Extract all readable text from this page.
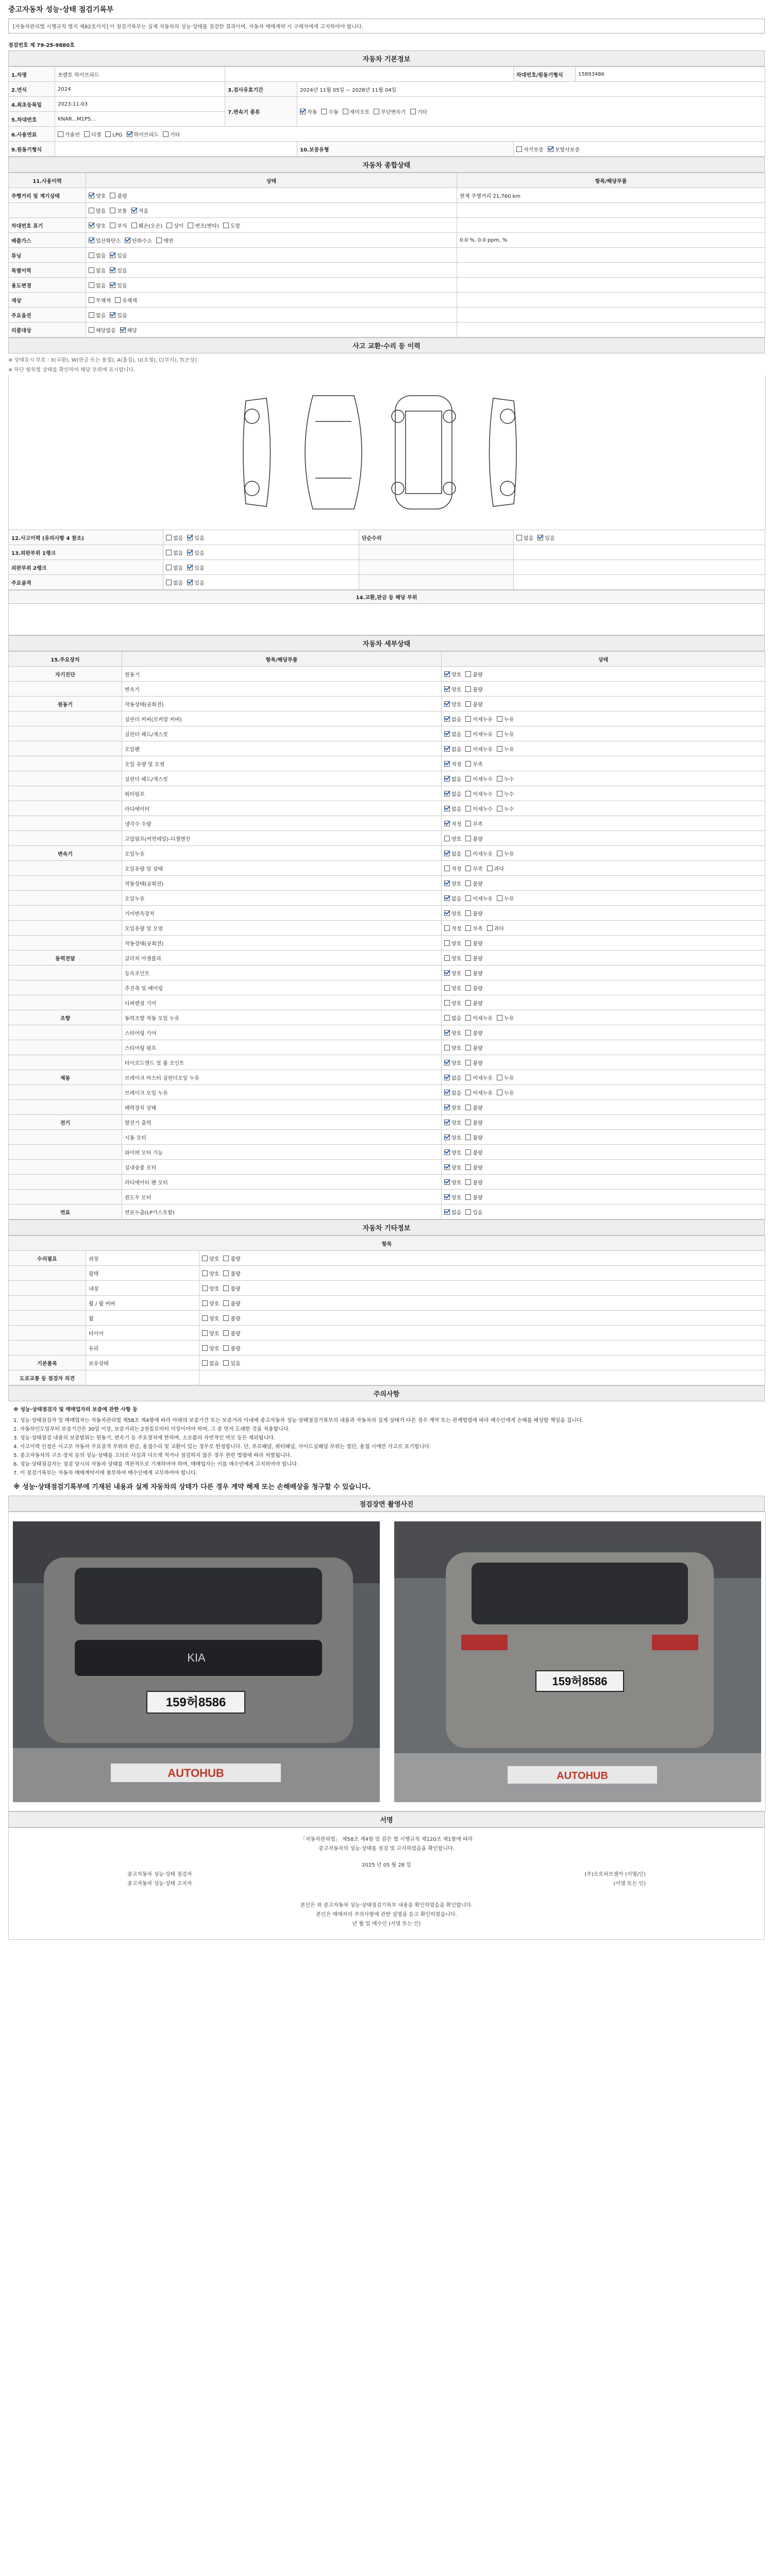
중고자동차 성능·상태 점검기록부
[자동차관리법 시행규칙 별지 제82호서식] 이 점검기록부는 실제 자동차의 성능·상태를 점검한 결과이며, 자동차 매매계약 시 구매자에게 고지하여야 합니다.
점검번호 제 79-25-9880호
자동차 기본정보
1.차명	쏘렌토 하이브리드			차대번호/원동기형식	15893486
2.연식	2024	3.검사유효기간	2024년 11월 05일 ~ 2028년 11월 04일		
4.최초등록일	2023-11-03	7.변속기 종류	자동 수동 세미오토 무단변속기 기타		
5.차대번호	KNAR...M1PS...				
6.사용연료	가솔린 디젤 LPG 하이브리드 기타				
9.원동기형식			10.보증유형	자가보증 보험사보증	
자동차 종합상태
11.사용이력	상태	항목/해당부품
주행거리 및 계기상태	양호 불량	현재 주행거리 21,760 km
	많음 보통 적음	
차대번호 표기	양호 부식 훼손(오손) 상이 변조(변타) 도말	
배출가스	일산화탄소 탄화수소 매연	0.0 %, 0.0 ppm, %
튜닝	없음 있음	
특별이력	없음 있음	
용도변경	없음 있음	
색상	무채색 유채색	
주요옵션	없음 있음	
리콜대상	해당없음 해당	
사고 교환·수리 등 이력
※ 상태표시 부호 : X(교환), W(판금 또는 용접), A(흠집), U(요철), C(부식), T(손상)
※ 하단 항목별 상태를 확인하여 해당 부위에 표시합니다.
12.사고이력 (유의사항 4 참조)	없음 있음	단순수리	없음 있음
13.외판부위 1랭크	없음 있음		
외판부위 2랭크	없음 있음		
주요골격	없음 있음		
14.교환,판금 등 해당 부위
자동차 세부상태
15.주요장치	항목/해당부품	상태
자기진단	원동기	양호 불량
	변속기	양호 불량
원동기	작동상태(공회전)	양호 불량
	실린더 커버(로커암 커버)	없음 미세누유 누유
	실린더 헤드/개스킷	없음 미세누유 누유
	오일팬	없음 미세누유 누유
	오일 유량 및 오염	적정 부족
	실린더 헤드/개스킷	없음 미세누수 누수
	워터펌프	없음 미세누수 누수
	라디에이터	없음 미세누수 누수
	냉각수 수량	적정 부족
	고압펌프(커먼레일)-디젤엔진	양호 불량
변속기	오일누유	없음 미세누유 누유
	오일유량 및 상태	적정 부족 과다
	작동상태(공회전)	양호 불량
	오일누유	없음 미세누유 누유
	기어변속장치	양호 불량
	오일유량 및 오염	적정 부족 과다
	작동상태(공회전)	양호 불량
동력전달	클러치 어셈블리	양호 불량
	등속조인트	양호 불량
	추진축 및 베어링	양호 불량
	디퍼렌셜 기어	양호 불량
조향	동력조향 작동 오일 누유	없음 미세누유 누유
	스티어링 기어	양호 불량
	스티어링 펌프	양호 불량
	타이로드엔드 및 볼 조인트	양호 불량
제동	브레이크 마스터 실린더오일 누유	없음 미세누유 누유
	브레이크 오일 누유	없음 미세누유 누유
	배력장치 상태	양호 불량
전기	발전기 출력	양호 불량
	시동 모터	양호 불량
	와이퍼 모터 기능	양호 불량
	실내송풍 모터	양호 불량
	라디에이터 팬 모터	양호 불량
	윈도우 모터	양호 불량
연료	연료누출(LP가스포함)	없음 있음
자동차 기타정보
항목		
수리필요	외장	양호 불량
	광택	양호 불량
	내장	양호 불량
	휠 / 휠 커버	양호 불량
	휠	양호 불량
	타이어	양호 불량
	유리	양호 불량
기본품목	보유상태	없음 있음
도로교통 등 점검자 의견		
주의사항
※ 성능·상태점검자 및 매매업자의 보증에 관한 사항 등
1. 성능·상태점검자 및 매매업자는 자동차관리법 제58조 제4항에 따라 아래의 보증기간 또는 보증거리 이내에 중고자동차 성능·상태점검기록부의 내용과 자동차의 실제 상태가 다른 경우 계약 또는 관계법령에 따라 매수인에게 손해를 배상할 책임을 집니다.
2. 자동차인도일부터 보증기간은 30일 이상, 보증거리는 2천킬로미터 이상이어야 하며, 그 중 먼저 도래한 것을 적용합니다.
3. 성능·상태점검 내용의 보증범위는 원동기, 변속기 등 주요장치에 한하며, 소모품의 자연적인 마모 등은 제외됩니다.
4. 사고이력 인정은 사고로 자동차 주요골격 부위의 판금, 용접수리 및 교환이 있는 경우로 한정합니다. 단, 루프패널, 쿼터패널, 사이드실패널 부위는 절단, 용접 시에만 사고로 표기합니다.
5. 중고자동차의 구조·장치 등의 성능·상태를 고의로 사실과 다르게 적거나 점검하지 않은 경우 관련 법령에 따라 처벌됩니다.
6. 성능·상태점검자는 점검 당시의 자동차 상태를 객관적으로 기재하여야 하며, 매매업자는 이를 매수인에게 고지하여야 합니다.
7. 이 점검기록부는 자동차 매매계약서에 첨부하여 매수인에게 교부하여야 합니다.
※ 성능·상태점검기록부에 기재된 내용과 실제 자동차의 상태가 다른 경우 계약 해제 또는 손해배상을 청구할 수 있습니다.
점검장면 촬영사진
KIA
159허8586
AUTOHUB
159허8586
AUTOHUB
서명
「자동차관리법」 제58조 제4항 및 같은 법 시행규칙 제120조 제1항에 따라
중고자동차의 성능·상태를 점검 및 고지하였음을 확인합니다.
2025 년 05 월 28 일
중고자동차 성능·상태 점검자	(주)오토허브셀카 (서명/인)
중고자동차 성능·상태 고지자	(서명 또는 인)
본인은 위 중고자동차 성능·상태점검기록부 내용을 확인하였음을 확인합니다.
본인은 매매자의 주의사항에 관한 설명을 듣고 확인하였습니다.
년 월 일 매수인 (서명 또는 인)
